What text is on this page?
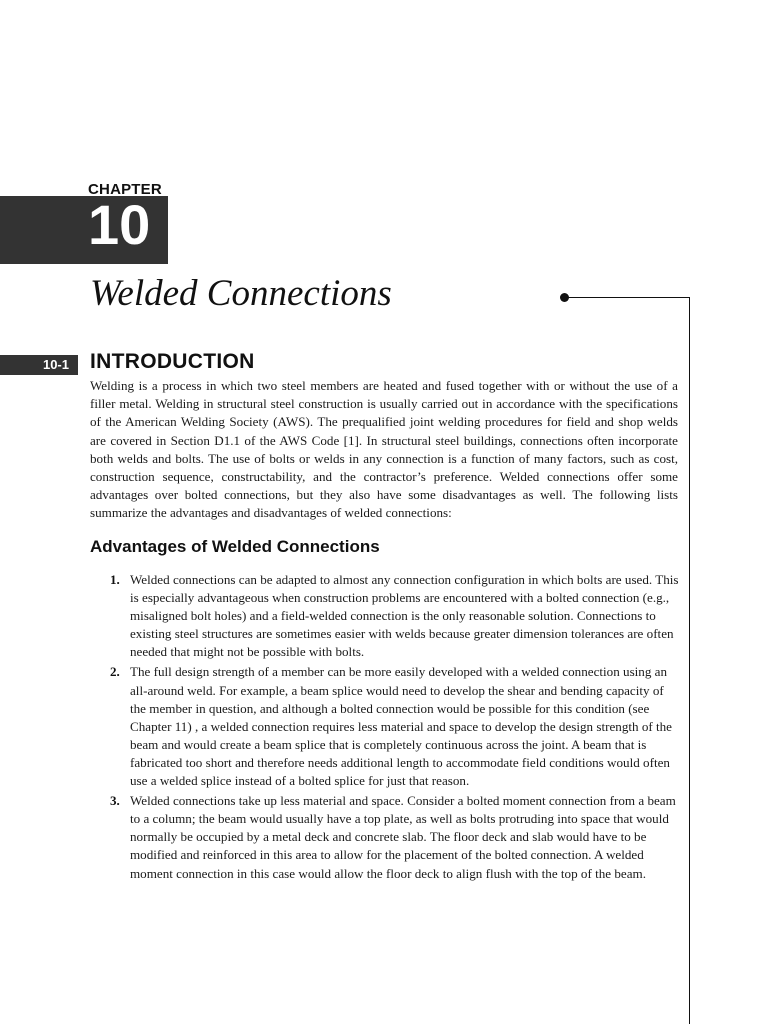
CHAPTER

10

Welded Connections
10-1 INTRODUCTION

Welding is a process in which two steel members are heated and fused together with or without the use of a filler metal. Welding in structural steel construction is usually carried out in accordance with the specifications of the American Welding Society (AWS). The prequalified joint welding procedures for field and shop welds are covered in Section D1.1 of the AWS Code [1]. In structural steel buildings, connections often incorporate both welds and bolts. The use of bolts or welds in any connection is a function of many factors, such as cost, construction sequence, constructability, and the contractor’s preference. Welded connections offer some advantages over bolted connections, but they also have some disadvantages as well. The following lists summarize the advantages and disadvantages of welded connections:

Advantages of Welded Connections
1. Welded connections can be adapted to almost any connection configuration in which bolts are used. This is especially advantageous when construction problems are encountered with a bolted connection (e.g., misaligned bolt holes) and a field-welded connection is the only reasonable solution. Connections to existing steel structures are sometimes easier with welds because greater dimension tolerances are often needed that might not be possible with bolts.
2. The full design strength of a member can be more easily developed with a welded connection using an all-around weld. For example, a beam splice would need to develop the shear and bending capacity of the member in question, and although a bolted connection would be possible for this condition (see Chapter 11) , a welded connection requires less material and space to develop the design strength of the beam and would create a beam splice that is completely continuous across the joint. A beam that is fabricated too short and therefore needs additional length to accommodate field conditions would often use a welded splice instead of a bolted splice for just that reason.
3. Welded connections take up less material and space. Consider a bolted moment connection from a beam to a column; the beam would usually have a top plate, as well as bolts protruding into space that would normally be occupied by a metal deck and concrete slab. The floor deck and slab would have to be modified and reinforced in this area to allow for the placement of the bolted connection. A welded moment connection in this case would allow the floor deck to align flush with the top of the beam.
